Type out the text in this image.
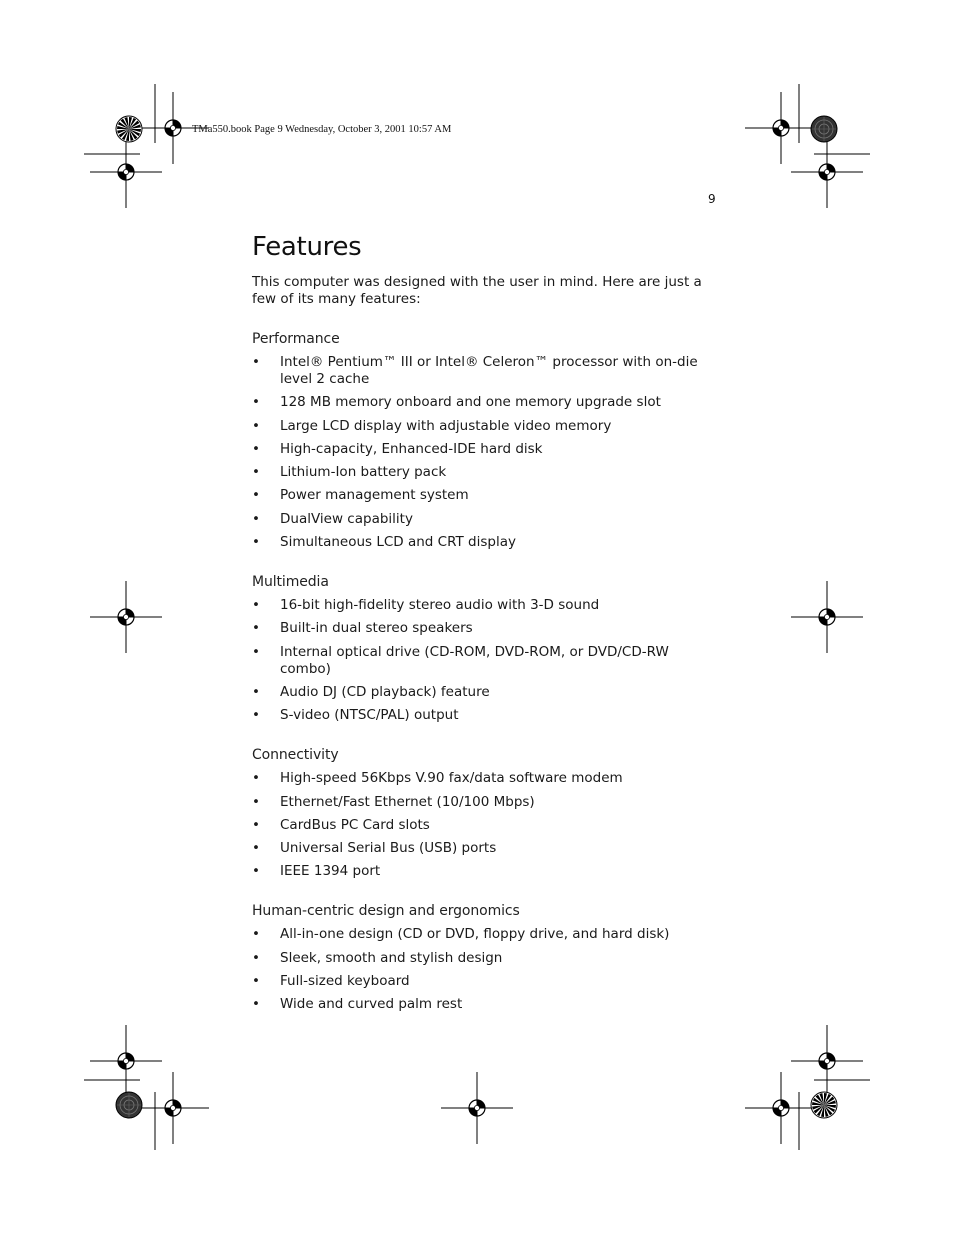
TMa550.book Page 9 Wednesday, October 3, 2001 10:57 AM
9
Features

This computer was designed with the user in mind. Here are just a few of its many features:

Performance
• Intel® Pentium™ III or Intel® Celeron™ processor with on-die level 2 cache
• 128 MB memory onboard and one memory upgrade slot
• Large LCD display with adjustable video memory
• High-capacity, Enhanced-IDE hard disk
• Lithium-Ion battery pack
• Power management system
• DualView capability
• Simultaneous LCD and CRT display
Multimedia
• 16-bit high-fidelity stereo audio with 3-D sound
• Built-in dual stereo speakers
• Internal optical drive (CD-ROM, DVD-ROM, or DVD/CD-RW combo)
• Audio DJ (CD playback) feature
• S-video (NTSC/PAL) output
Connectivity
• High-speed 56Kbps V.90 fax/data software modem
• Ethernet/Fast Ethernet (10/100 Mbps)
• CardBus PC Card slots
• Universal Serial Bus (USB) ports
• IEEE 1394 port
Human-centric design and ergonomics
• All-in-one design (CD or DVD, floppy drive, and hard disk)
• Sleek, smooth and stylish design
• Full-sized keyboard
• Wide and curved palm rest
